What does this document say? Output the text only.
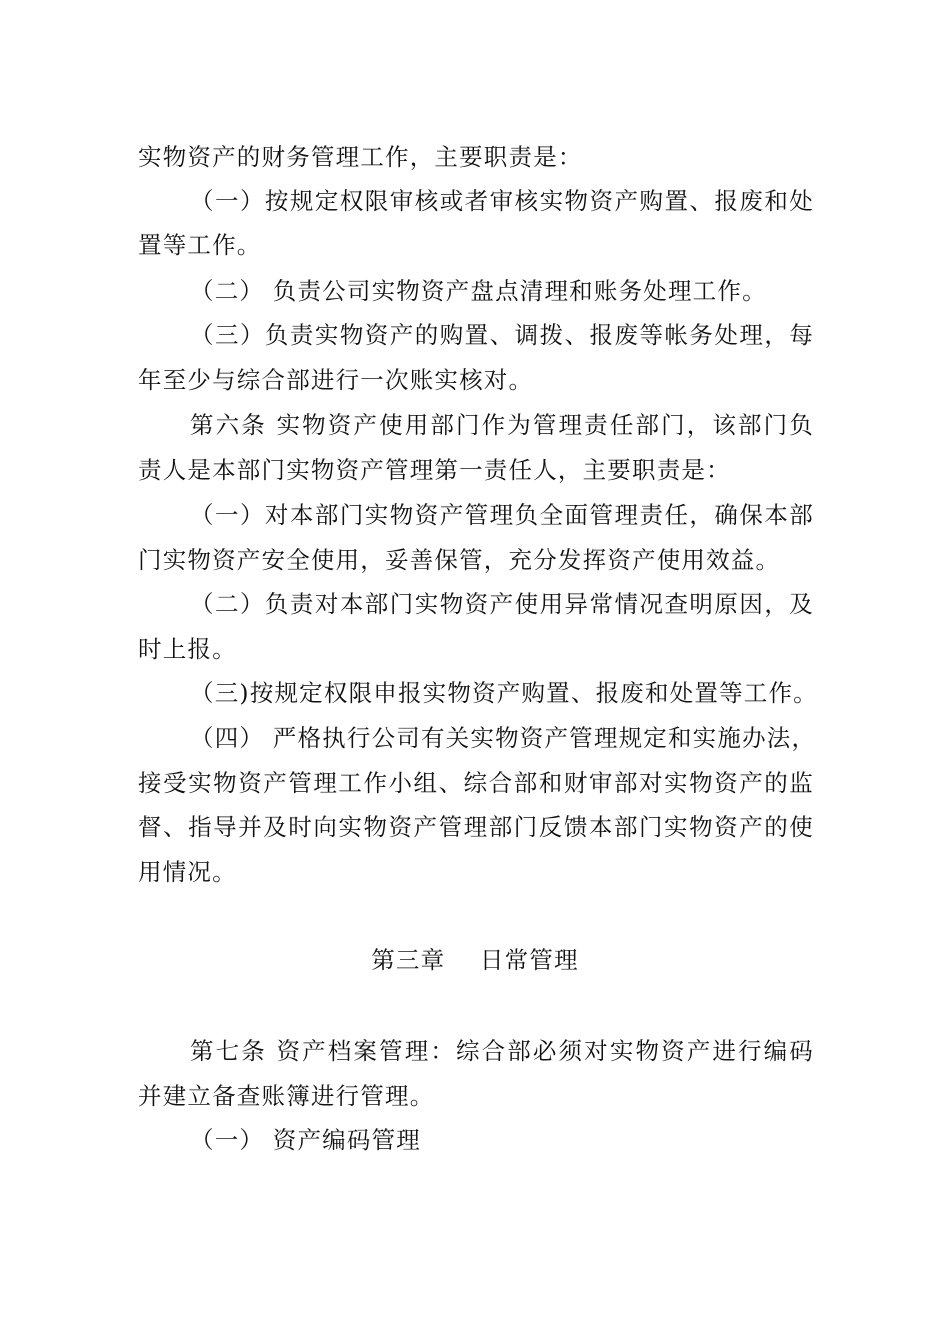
实物资产的财务管理工作，主要职责是：
（一）按规定权限审核或者审核实物资产购置、报废和处
置等工作。
（二） 负责公司实物资产盘点清理和账务处理工作。
（三）负责实物资产的购置、调拨、报废等帐务处理，每
年至少与综合部进行一次账实核对。
第六条 实物资产使用部门作为管理责任部门，该部门负
责人是本部门实物资产管理第一责任人，主要职责是：
（一）对本部门实物资产管理负全面管理责任，确保本部
门实物资产安全使用，妥善保管，充分发挥资产使用效益。
（二）负责对本部门实物资产使用异常情况查明原因，及
时上报。
（三)按规定权限申报实物资产购置、报废和处置等工作。
（四） 严格执行公司有关实物资产管理规定和实施办法，
接受实物资产管理工作小组、综合部和财审部对实物资产的监
督、指导并及时向实物资产管理部门反馈本部门实物资产的使
用情况。
第三章    日常管理
第七条 资产档案管理：综合部必须对实物资产进行编码
并建立备查账簿进行管理。
（一） 资产编码管理
